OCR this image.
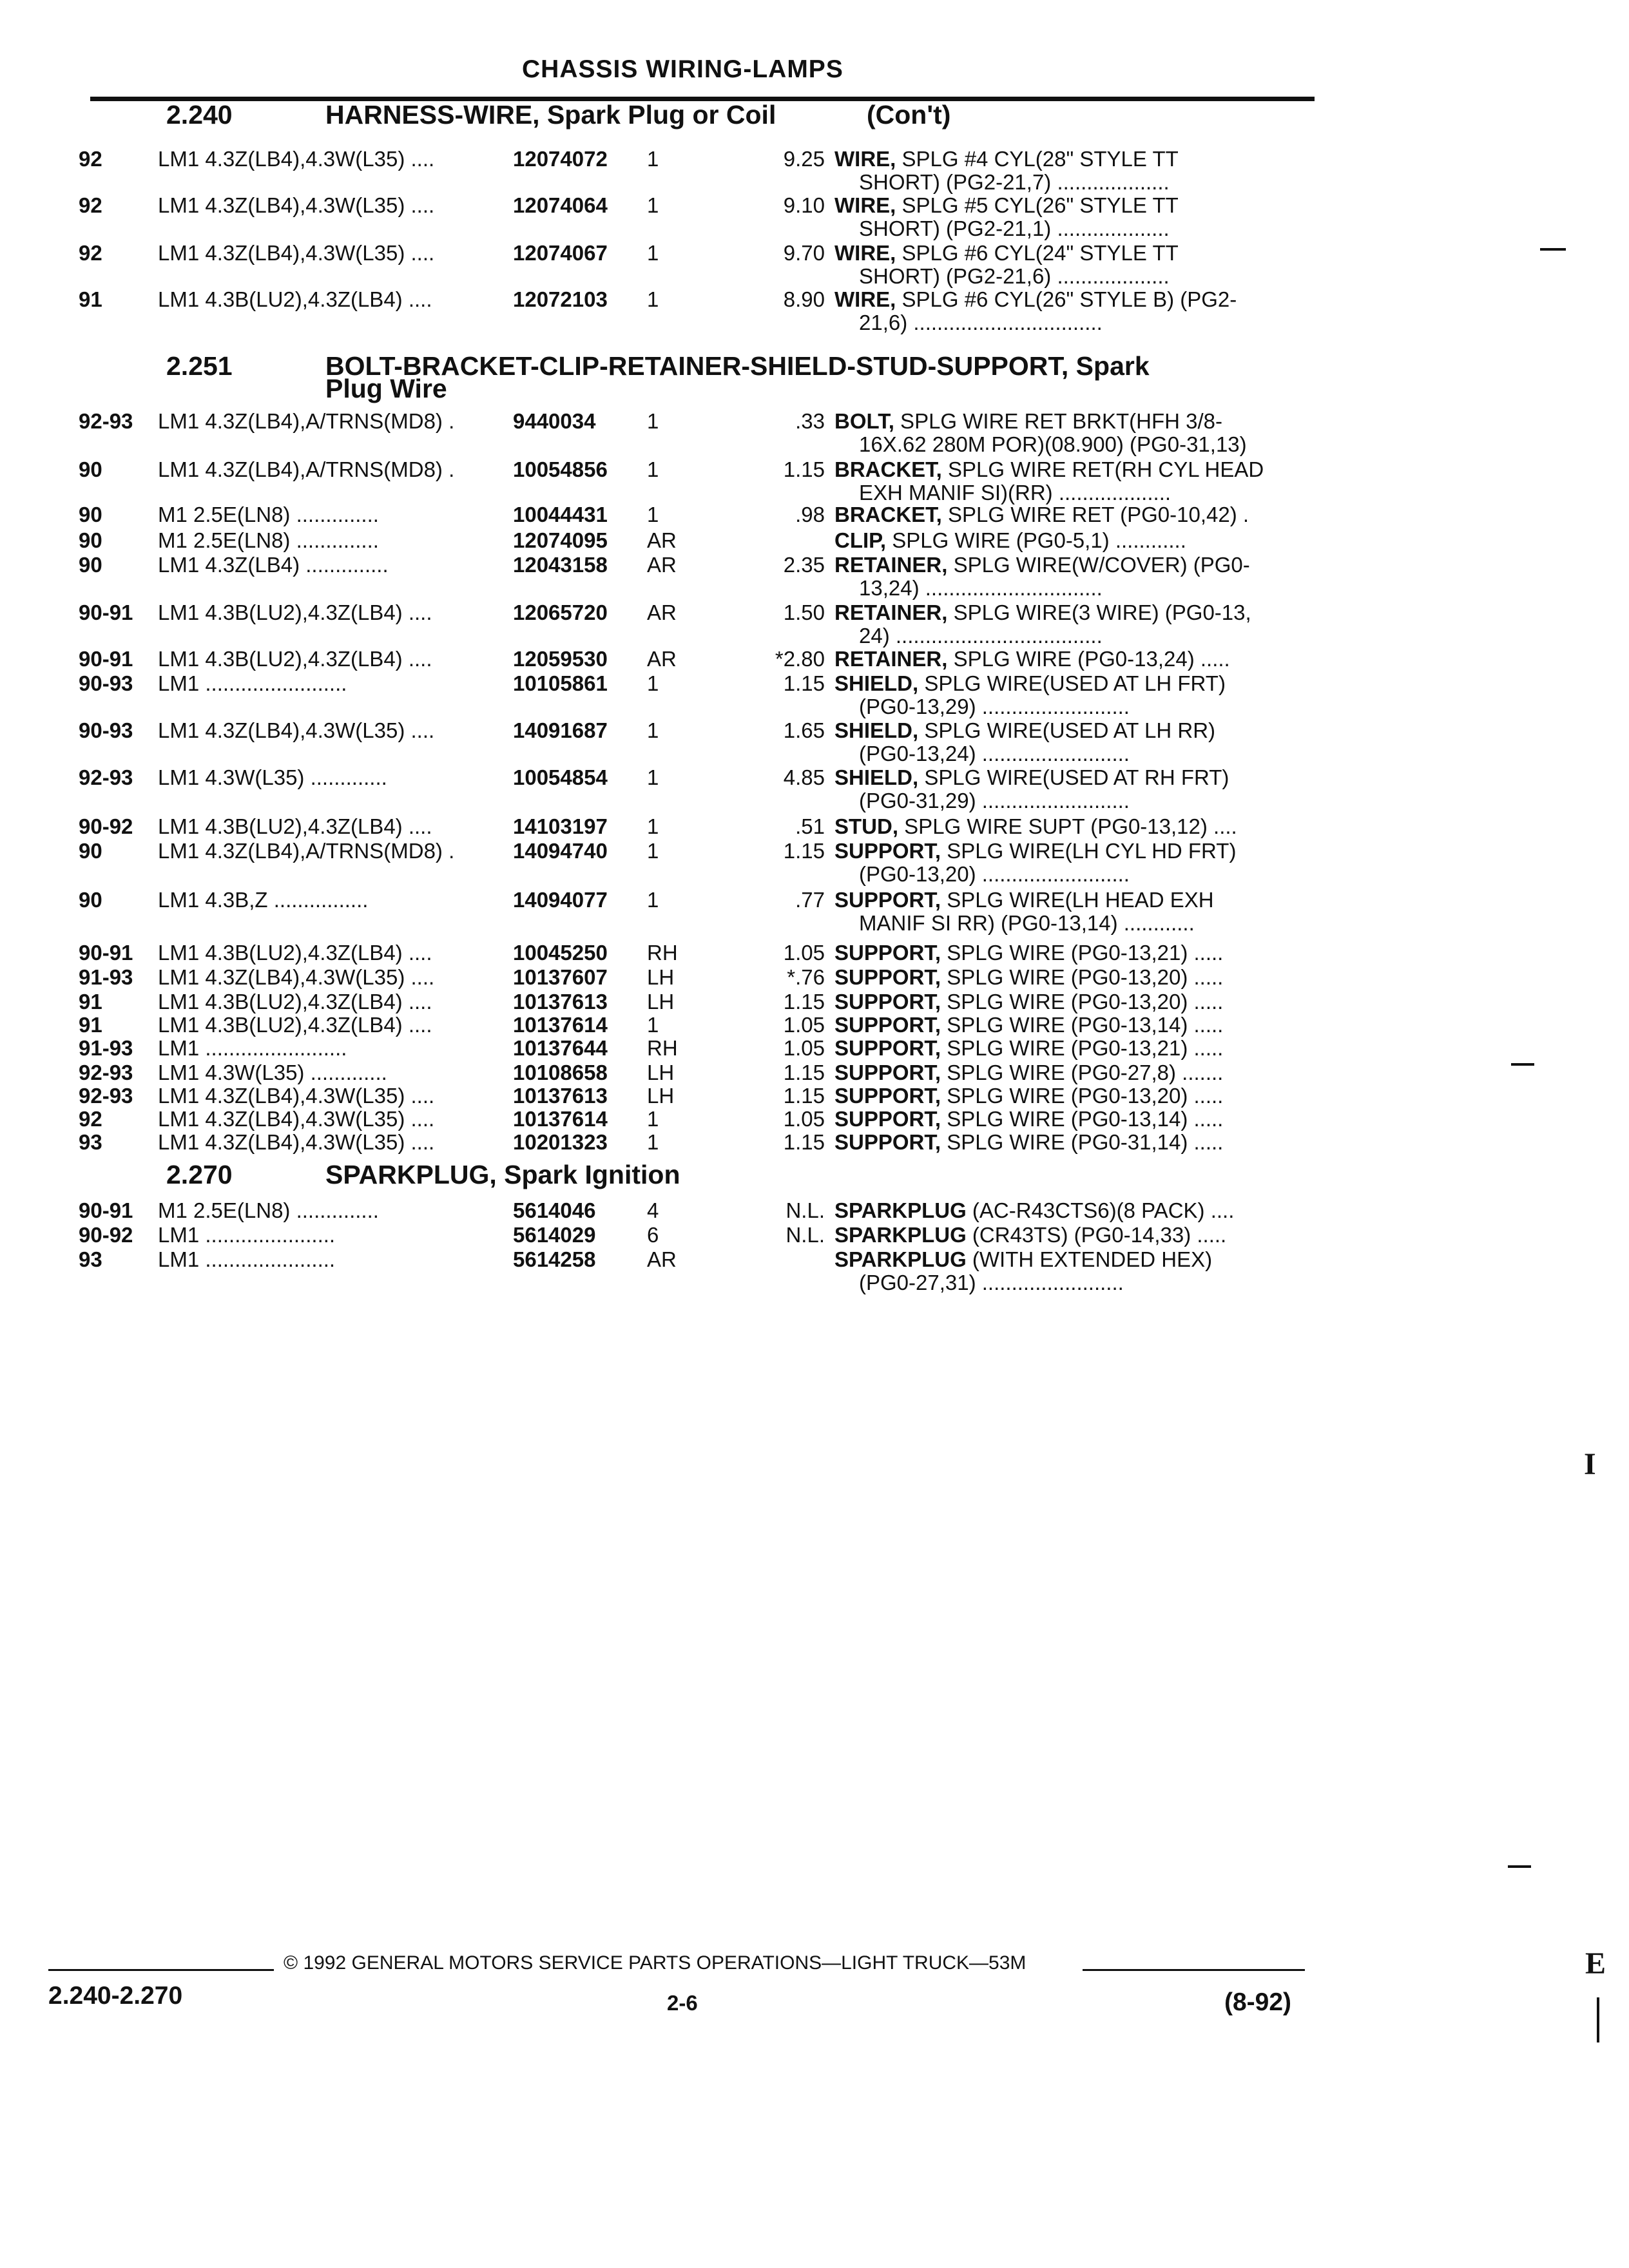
CHASSIS WIRING-LAMPS
2.240	HARNESS-WIRE, Spark Plug or Coil	(Con't)
92	LM1 4.3Z(LB4),4.3W(L35) ....	12074072 1	9.25 WIRE, SPLG #4 CYL(28" STYLE TT
SHORT) (PG2-21,7) ...................
92	LM1 4.3Z(LB4),4.3W(L35) ....	12074064 1	9.10 WIRE, SPLG #5 CYL(26" STYLE TT
SHORT) (PG2-21,1) ...................
92	LM1 4.3Z(LB4),4.3W(L35) ....	12074067 1	9.70 WIRE, SPLG #6 CYL(24" STYLE TT
SHORT) (PG2-21,6) ...................
91	LM1 4.3B(LU2),4.3Z(LB4) ....	12072103 1	8.90 WIRE, SPLG #6 CYL(26" STYLE B) (PG2-
21,6) ................................
2.251	BOLT-BRACKET-CLIP-RETAINER-SHIELD-STUD-SUPPORT, Spark
Plug Wire
92-93 LM1 4.3Z(LB4),A/TRNS(MD8) .	9440034 1	.33 BOLT, SPLG WIRE RET BRKT(HFH 3/8-
16X.62 280M POR)(08.900) (PG0-31,13)
90	LM1 4.3Z(LB4),A/TRNS(MD8) .	10054856 1	1.15 BRACKET, SPLG WIRE RET(RH CYL HEAD
EXH MANIF SI)(RR) ...................
90	M1 2.5E(LN8) ..............	10044431 1	.98 BRACKET, SPLG WIRE RET (PG0-10,42) .
90	M1 2.5E(LN8) ..............	12074095 AR	CLIP, SPLG WIRE (PG0-5,1) ............
90	LM1 4.3Z(LB4) ..............	12043158 AR	2.35 RETAINER, SPLG WIRE(W/COVER) (PG0-
13,24) ..............................
90-91 LM1 4.3B(LU2),4.3Z(LB4) ....	12065720 AR	1.50 RETAINER, SPLG WIRE(3 WIRE) (PG0-13,
24) ...................................
90-91 LM1 4.3B(LU2),4.3Z(LB4) ....	12059530 AR	*2.80 RETAINER, SPLG WIRE (PG0-13,24) .....
90-93 LM1 ........................	10105861 1	1.15 SHIELD, SPLG WIRE(USED AT LH FRT)
(PG0-13,29) .........................
90-93 LM1 4.3Z(LB4),4.3W(L35) ....	14091687 1	1.65 SHIELD, SPLG WIRE(USED AT LH RR)
(PG0-13,24) .........................
92-93 LM1 4.3W(L35) .............	10054854 1	4.85 SHIELD, SPLG WIRE(USED AT RH FRT)
(PG0-31,29) .........................
90-92 LM1 4.3B(LU2),4.3Z(LB4) ....	14103197 1	.51 STUD, SPLG WIRE SUPT (PG0-13,12) ....
90	LM1 4.3Z(LB4),A/TRNS(MD8) .	14094740 1	1.15 SUPPORT, SPLG WIRE(LH CYL HD FRT)
(PG0-13,20) .........................
90	LM1 4.3B,Z ................	14094077 1	.77 SUPPORT, SPLG WIRE(LH HEAD EXH
MANIF SI RR) (PG0-13,14) ............
90-91 LM1 4.3B(LU2),4.3Z(LB4) ....	10045250 RH	1.05 SUPPORT, SPLG WIRE (PG0-13,21) .....
91-93 LM1 4.3Z(LB4),4.3W(L35) ....	10137607 LH	*.76 SUPPORT, SPLG WIRE (PG0-13,20) .....
91	LM1 4.3B(LU2),4.3Z(LB4) ....	10137613 LH	1.15 SUPPORT, SPLG WIRE (PG0-13,20) .....
91	LM1 4.3B(LU2),4.3Z(LB4) ....	10137614 1	1.05 SUPPORT, SPLG WIRE (PG0-13,14) .....
91-93 LM1 ........................	10137644 RH	1.05 SUPPORT, SPLG WIRE (PG0-13,21) .....
92-93 LM1 4.3W(L35) .............	10108658 LH	1.15 SUPPORT, SPLG WIRE (PG0-27,8) .......
92-93 LM1 4.3Z(LB4),4.3W(L35) ....	10137613 LH	1.15 SUPPORT, SPLG WIRE (PG0-13,20) .....
92	LM1 4.3Z(LB4),4.3W(L35) ....	10137614 1	1.05 SUPPORT, SPLG WIRE (PG0-13,14) .....
93	LM1 4.3Z(LB4),4.3W(L35) ....	10201323 1	1.15 SUPPORT, SPLG WIRE (PG0-31,14) .....
2.270	SPARKPLUG, Spark Ignition
90-91 M1 2.5E(LN8) ..............	5614046 4	N.L. SPARKPLUG (AC-R43CTS6)(8 PACK) ....
90-92 LM1 ......................	5614029 6	N.L. SPARKPLUG (CR43TS) (PG0-14,33) .....
93	LM1 ......................	5614258 AR	SPARKPLUG (WITH EXTENDED HEX)
(PG0-27,31) ........................
© 1992 GENERAL MOTORS SERVICE PARTS OPERATIONS—LIGHT TRUCK—53M
2.240-2.270	2-6	(8-92)
I
E
